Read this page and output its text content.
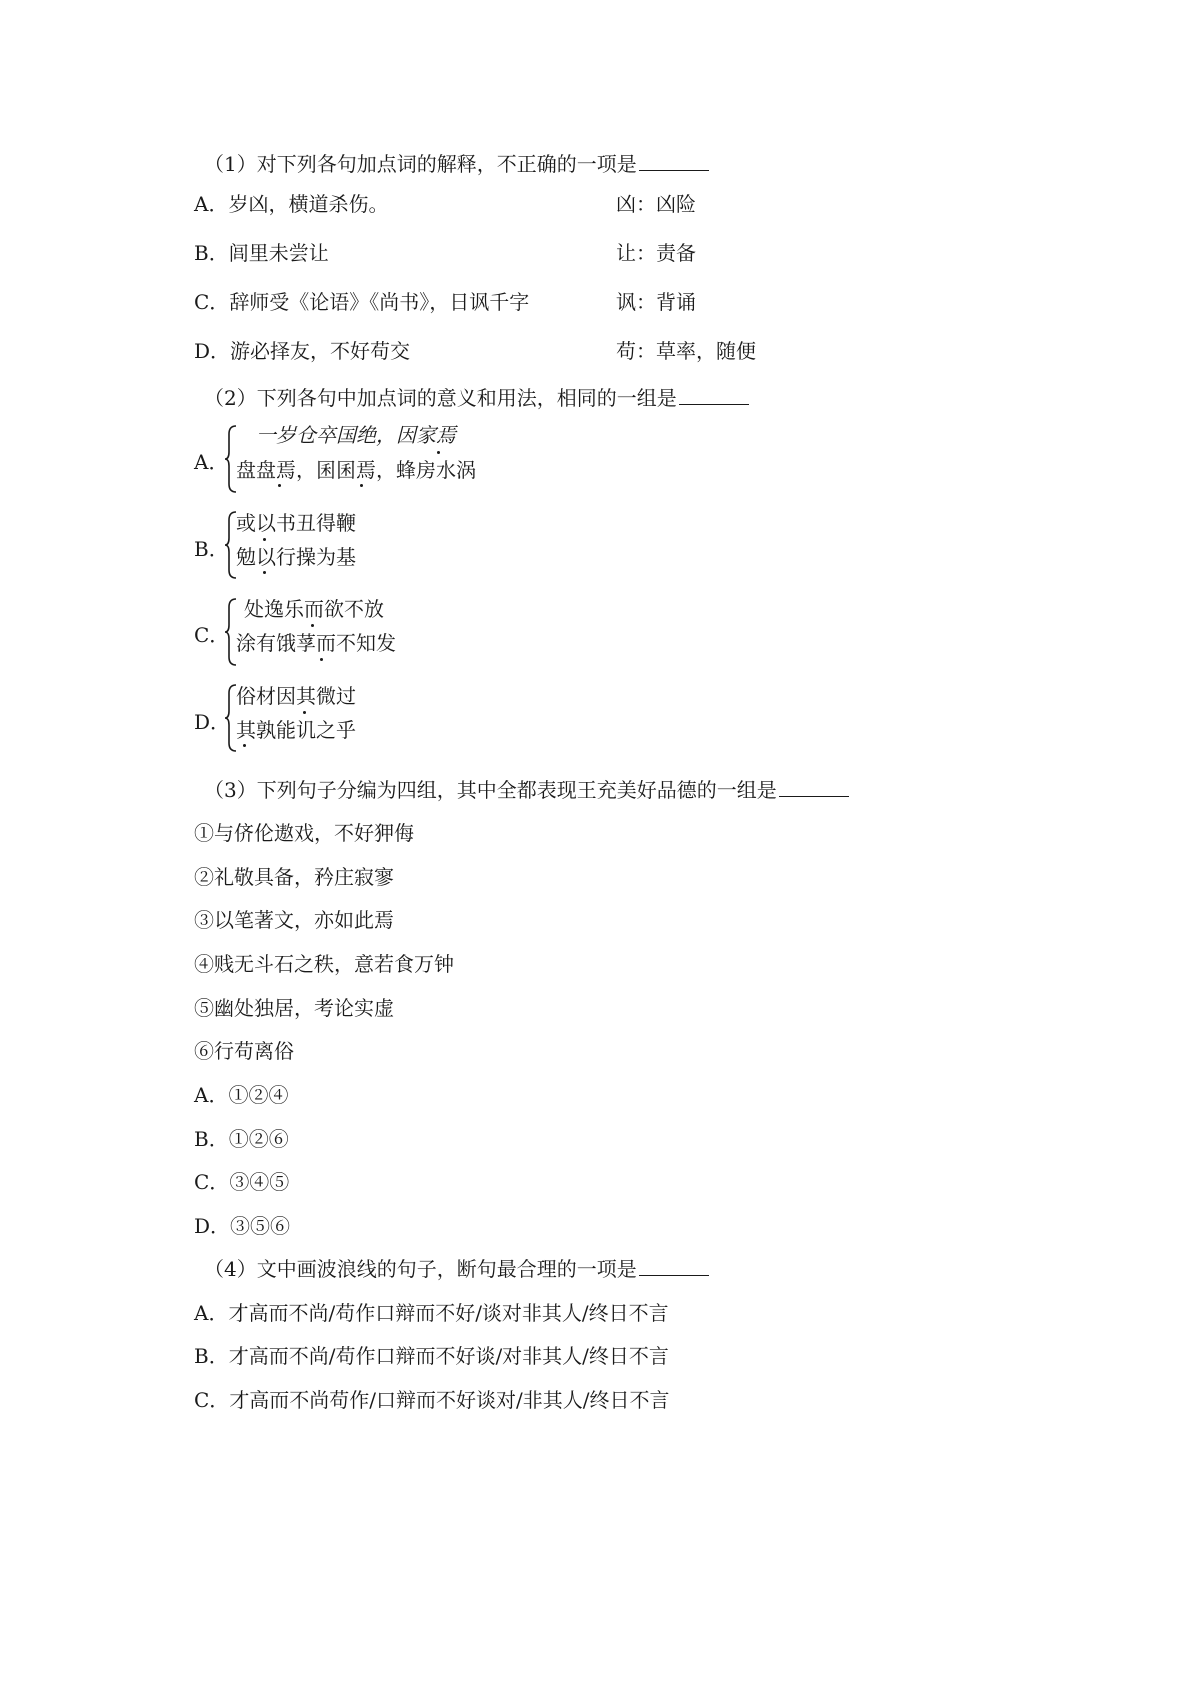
（1）对下列各句加点词的解释，不正确的一项是
A．岁凶，横道杀伤。	凶：凶险
B．闾里未尝让	让：责备
C．辞师受《论语》《尚书》，日讽千字	讽：背诵
D．游必择友，不好苟交	苟：草率，随便
（2）下列各句中加点词的意义和用法，相同的一组是
A．
一岁仓卒国绝，因家焉
盘盘焉，囷囷焉，蜂房水涡
B．
或以书丑得鞭
勉以行操为基
C．
处逸乐而欲不放
涂有饿莩而不知发
D．
俗材因其微过
其孰能讥之乎
（3）下列句子分编为四组，其中全都表现王充美好品德的一组是
①与侪伦遨戏，不好狎侮
②礼敬具备，矜庄寂寥
③以笔著文，亦如此焉
④贱无斗石之秩，意若食万钟
⑤幽处独居，考论实虚
⑥行苟离俗
A．①②④
B．①②⑥
C．③④⑤
D．③⑤⑥
（4）文中画波浪线的句子，断句最合理的一项是
A．才高而不尚/苟作口辩而不好/谈对非其人/终日不言
B．才高而不尚/苟作口辩而不好谈/对非其人/终日不言
C．才高而不尚苟作/口辩而不好谈对/非其人/终日不言
